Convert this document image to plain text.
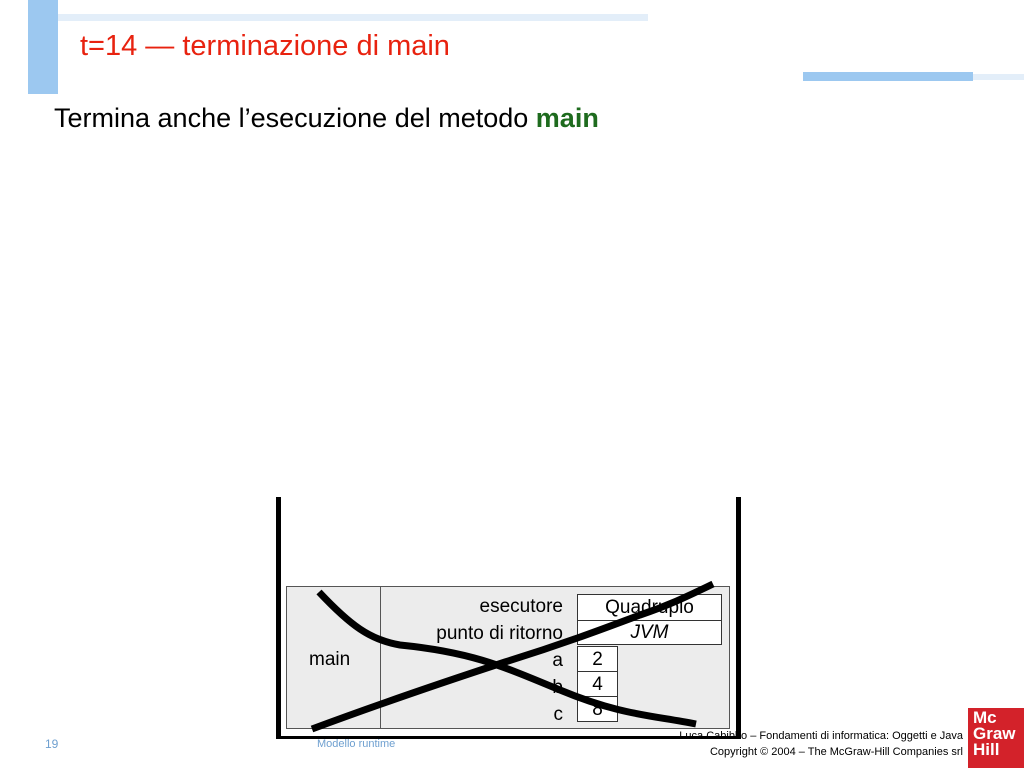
t=14 — terminazione di main
Termina anche l’esecuzione del metodo main
main
esecutore
punto di ritorno
a
b
c
Quadruplo
JVM
2
4
8
19	Modello runtime
Luca Cabibbo – Fondamenti di informatica: Oggetti e Java
Copyright © 2004 – The McGraw-Hill Companies srl
Mc
Graw
Hill
